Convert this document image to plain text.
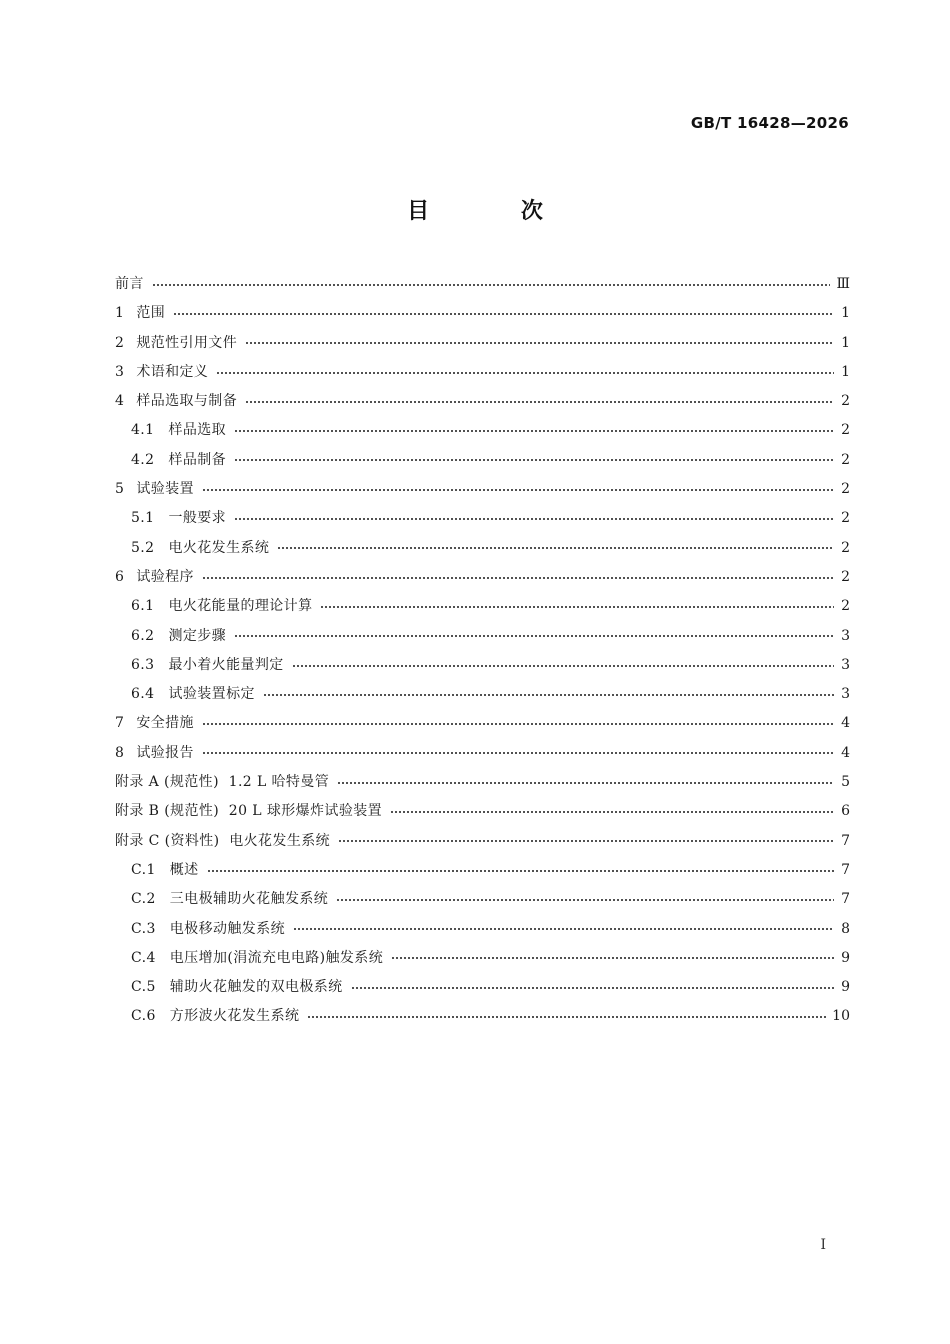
GB/T 16428—2026
目 次
前言	Ⅲ
1 范围	1
2 规范性引用文件	1
3 术语和定义	1
4 样品选取与制备	2
4.1 样品选取	2
4.2 样品制备	2
5 试验装置	2
5.1 一般要求	2
5.2 电火花发生系统	2
6 试验程序	2
6.1 电火花能量的理论计算	2
6.2 测定步骤	3
6.3 最小着火能量判定	3
6.4 试验装置标定	3
7 安全措施	4
8 试验报告	4
附录 A (规范性)  1.2 L 哈特曼管	5
附录 B (规范性)  20 L 球形爆炸试验装置	6
附录 C (资料性)  电火花发生系统	7
C.1 概述	7
C.2 三电极辅助火花触发系统	7
C.3 电极移动触发系统	8
C.4 电压增加(涓流充电电路)触发系统	9
C.5 辅助火花触发的双电极系统	9
C.6 方形波火花发生系统	10
I
